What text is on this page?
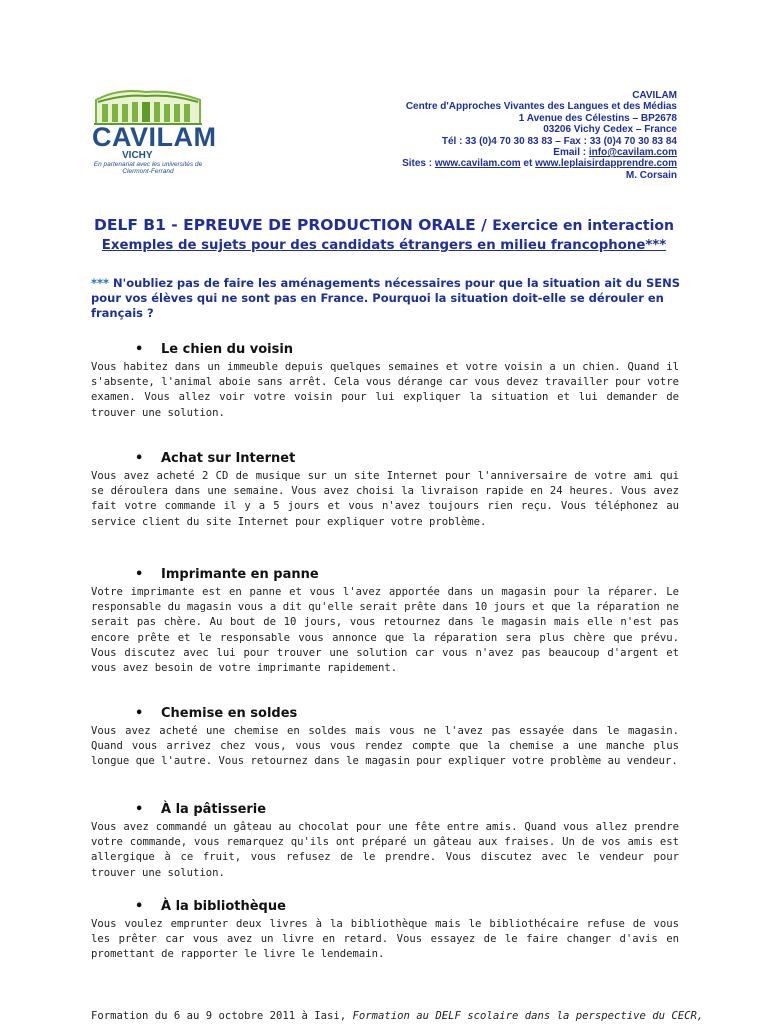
CAVILAM
VICHY
En partenariat avec les universités de Clermont-Ferrand
CAVILAM
Centre d'Approches Vivantes des Langues et des Médias
1 Avenue des Célestins – BP2678
03206 Vichy Cedex – France
Tél : 33 (0)4 70 30 83 83 – Fax : 33 (0)4 70 30 83 84
Email : info@cavilam.com
Sites : www.cavilam.com et www.leplaisirdapprendre.com
M. Corsain
DELF B1 - EPREUVE DE PRODUCTION ORALE / Exercice en interaction
Exemples de sujets pour des candidats étrangers en milieu francophone***
*** N'oubliez pas de faire les aménagements nécessaires pour que la situation ait du SENS pour vos élèves qui ne sont pas en France. Pourquoi la situation doit-elle se dérouler en français ?
• Le chien du voisin

Vous habitez dans un immeuble depuis quelques semaines et votre voisin a un chien. Quand il s'absente, l'animal aboie sans arrêt. Cela vous dérange car vous devez travailler pour votre examen. Vous allez voir votre voisin pour lui expliquer la situation et lui demander de trouver une solution.

• Achat sur Internet

Vous avez acheté 2 CD de musique sur un site Internet pour l'anniversaire de votre ami qui se déroulera dans une semaine. Vous avez choisi la livraison rapide en 24 heures. Vous avez fait votre commande il y a 5 jours et vous n'avez toujours rien reçu. Vous téléphonez au service client du site Internet pour expliquer votre problème.

• Imprimante en panne

Votre imprimante est en panne et vous l'avez apportée dans un magasin pour la réparer. Le responsable du magasin vous a dit qu'elle serait prête dans 10 jours et que la réparation ne serait pas chère. Au bout de 10 jours, vous retournez dans le magasin mais elle n'est pas encore prête et le responsable vous annonce que la réparation sera plus chère que prévu. Vous discutez avec lui pour trouver une solution car vous n'avez pas beaucoup d'argent et vous avez besoin de votre imprimante rapidement.

• Chemise en soldes

Vous avez acheté une chemise en soldes mais vous ne l'avez pas essayée dans le magasin. Quand vous arrivez chez vous, vous vous rendez compte que la chemise a une manche plus longue que l'autre. Vous retournez dans le magasin pour expliquer votre problème au vendeur.

• À la pâtisserie

Vous avez commandé un gâteau au chocolat pour une fête entre amis. Quand vous allez prendre votre commande, vous remarquez qu'ils ont préparé un gâteau aux fraises. Un de vos amis est allergique à ce fruit, vous refusez de le prendre. Vous discutez avec le vendeur pour trouver une solution.

• À la bibliothèque

Vous voulez emprunter deux livres à la bibliothèque mais le bibliothécaire refuse de vous les prêter car vous avez un livre en retard. Vous essayez de le faire changer d'avis en promettant de rapporter le livre le lendemain.

Formation du 6 au 9 octobre 2011 à Iasi, Formation au DELF scolaire dans la perspective du CECR,
